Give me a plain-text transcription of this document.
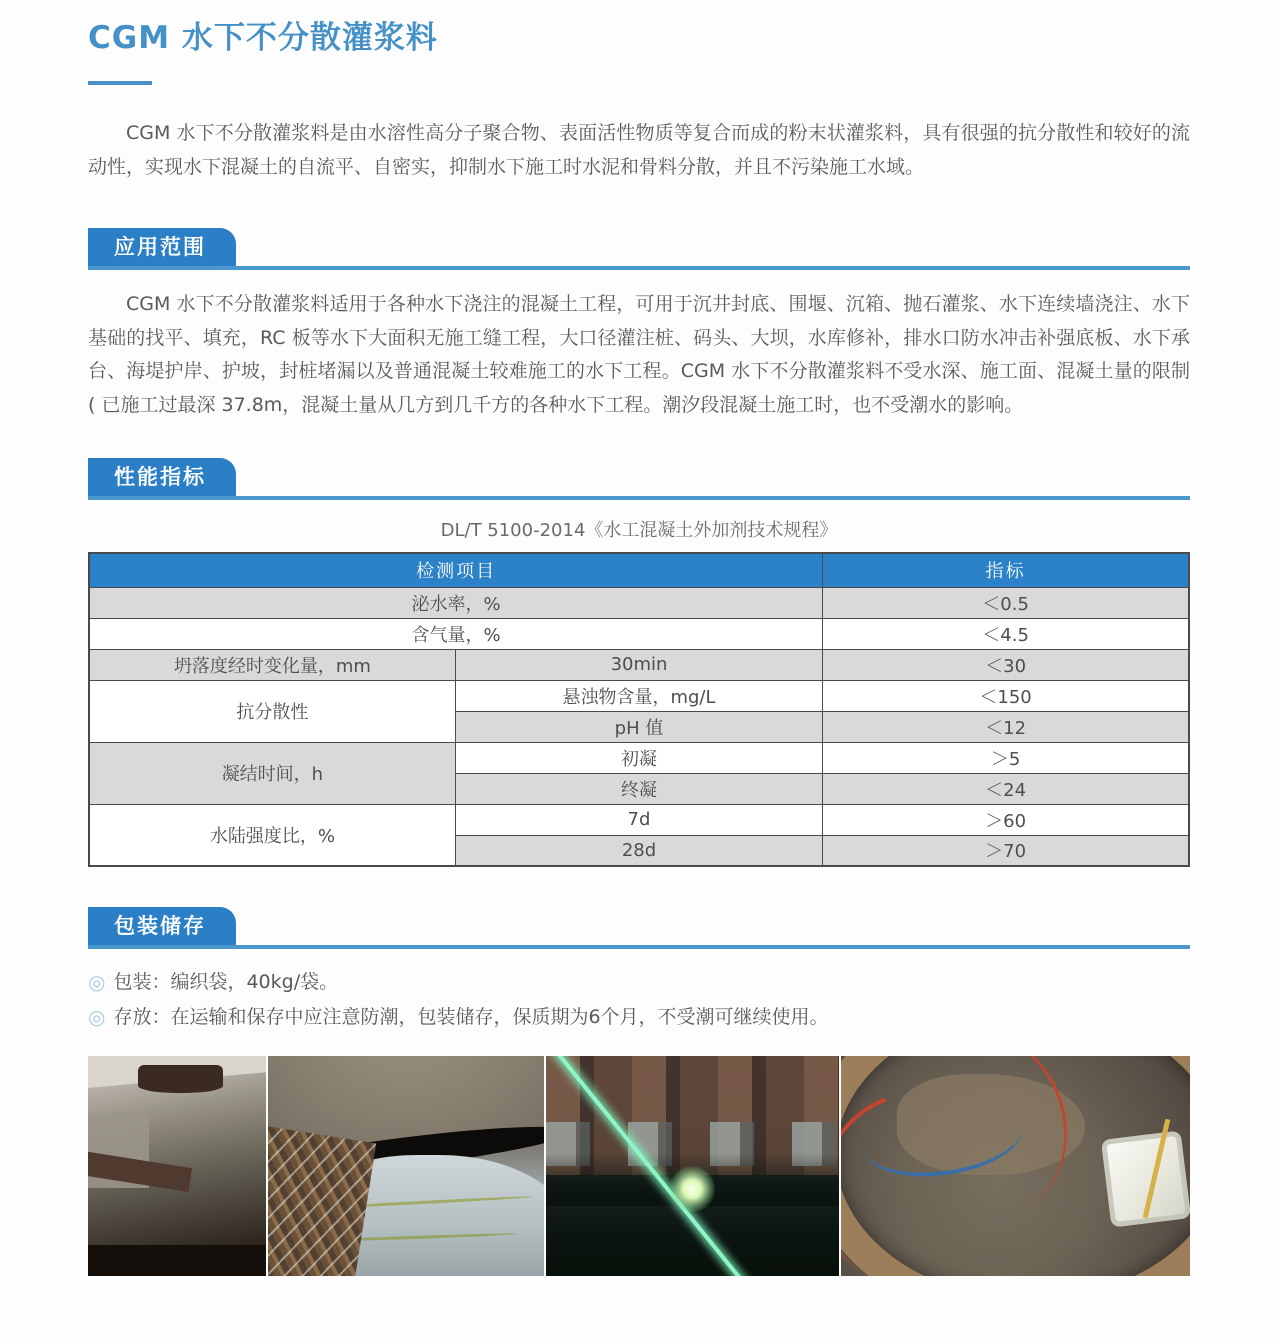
CGM 水下不分散灌浆料

CGM 水下不分散灌浆料是由水溶性高分子聚合物、表面活性物质等复合而成的粉末状灌浆料，具有很强的抗分散性和较好的流动性，实现水下混凝土的自流平、自密实，抑制水下施工时水泥和骨料分散，并且不污染施工水域。

应用范围

CGM 水下不分散灌浆料适用于各种水下浇注的混凝土工程，可用于沉井封底、围堰、沉箱、抛石灌浆、水下连续墙浇注、水下基础的找平、填充，RC 板等水下大面积无施工缝工程，大口径灌注桩、码头、大坝，水库修补，排水口防水冲击补强底板、水下承台、海堤护岸、护坡，封桩堵漏以及普通混凝土较难施工的水下工程。CGM 水下不分散灌浆料不受水深、施工面、混凝土量的限制 ( 已施工过最深 37.8m，混凝土量从几方到几千方的各种水下工程。潮汐段混凝土施工时，也不受潮水的影响。

性能指标
DL/T 5100-2014《水工混凝土外加剂技术规程》
检测项目		指标
泌水率，%		＜0.5
含气量，%		＜4.5
坍落度经时变化量，mm	30min	＜30
抗分散性	悬浊物含量，mg/L	＜150
	pH 值	＜12
凝结时间，h	初凝	＞5
	终凝	＜24
水陆强度比，%	7d	＞60
	28d	＞70
包装储存
◎ 包装：编织袋，40kg/袋。
◎ 存放：在运输和保存中应注意防潮，包装储存，保质期为6个月，不受潮可继续使用。
